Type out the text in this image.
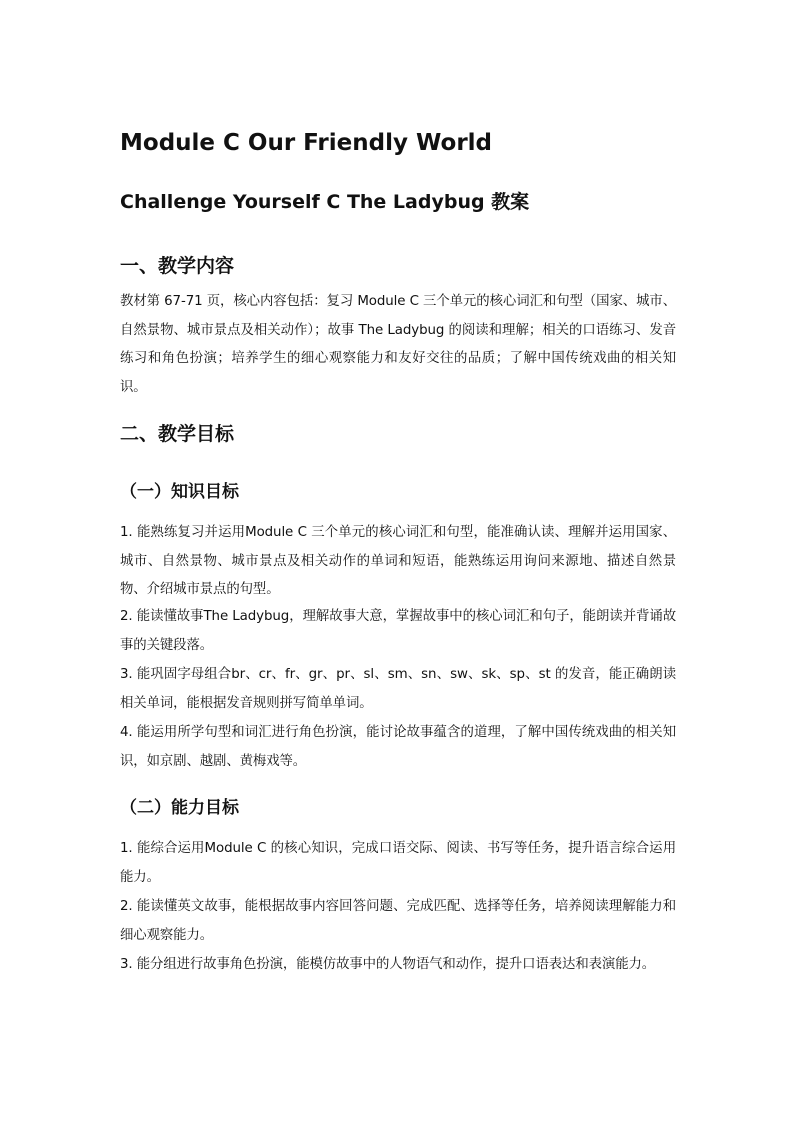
Module C Our Friendly World
Challenge Yourself C The Ladybug 教案
一、教学内容

教材第 67-71 页，核心内容包括：复习 Module C 三个单元的核心词汇和句型（国家、城市、自然景物、城市景点及相关动作）；故事 The Ladybug 的阅读和理解；相关的口语练习、发音练习和角色扮演；培养学生的细心观察能力和友好交往的品质；了解中国传统戏曲的相关知识。

二、教学目标
（一）知识目标

1. 能熟练复习并运用Module C 三个单元的核心词汇和句型，能准确认读、理解并运用国家、城市、自然景物、城市景点及相关动作的单词和短语，能熟练运用询问来源地、描述自然景物、介绍城市景点的句型。

2. 能读懂故事The Ladybug，理解故事大意，掌握故事中的核心词汇和句子，能朗读并背诵故事的关键段落。

3. 能巩固字母组合br、cr、fr、gr、pr、sl、sm、sn、sw、sk、sp、st 的发音，能正确朗读相关单词，能根据发音规则拼写简单单词。

4. 能运用所学句型和词汇进行角色扮演，能讨论故事蕴含的道理，了解中国传统戏曲的相关知识，如京剧、越剧、黄梅戏等。

（二）能力目标

1. 能综合运用Module C 的核心知识，完成口语交际、阅读、书写等任务，提升语言综合运用能力。

2. 能读懂英文故事，能根据故事内容回答问题、完成匹配、选择等任务，培养阅读理解能力和细心观察能力。

3. 能分组进行故事角色扮演，能模仿故事中的人物语气和动作，提升口语表达和表演能力。
